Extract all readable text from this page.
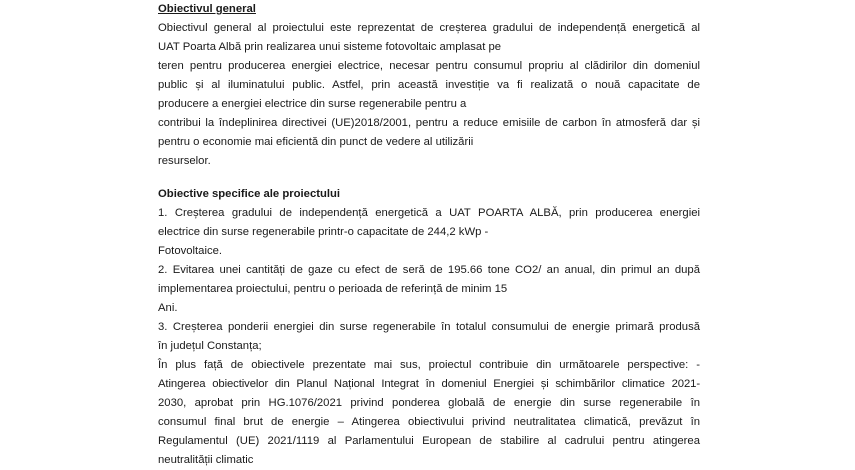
Obiectivul general
Obiectivul general al proiectului este reprezentat de creșterea gradului de independență energetică al
UAT Poarta Albă prin realizarea unui sisteme fotovoltaic amplasat pe
teren pentru producerea energiei electrice, necesar pentru consumul propriu al clădirilor din domeniul
public și al iluminatului public. Astfel, prin această investiție va fi realizată o nouă capacitate de
producere a energiei electrice din surse regenerabile pentru a
contribui la îndeplinirea directivei (UE)2018/2001, pentru a reduce emisiile de carbon în atmosferă dar și
pentru o economie mai eficientă din punct de vedere al utilizării
resurselor.
Obiective specifice ale proiectului
1. Creșterea gradului de independență energetică a UAT POARTA ALBĂ, prin producerea energiei
electrice din surse regenerabile printr-o capacitate de 244,2 kWp -
Fotovoltaice.
2. Evitarea unei cantități de gaze cu efect de seră de 195.66 tone CO2/ an anual, din primul an după
implementarea proiectului, pentru o perioada de referință de minim 15
Ani.
3. Creșterea ponderii energiei din surse regenerabile în totalul consumului de energie primară produsă
în județul Constanța;
În plus față de obiectivele prezentate mai sus, proiectul contribuie din următoarele perspective: -
Atingerea obiectivelor din Planul Național Integrat în domeniul Energiei și schimbărilor climatice 2021-
2030, aprobat prin HG.1076/2021 privind ponderea globală de energie din surse regenerabile în
consumul final brut de energie – Atingerea obiectivului privind neutralitatea climatică, prevăzut în
Regulamentul (UE) 2021/1119 al Parlamentului European de stabilire al cadrului pentru atingerea
neutralității climatic
